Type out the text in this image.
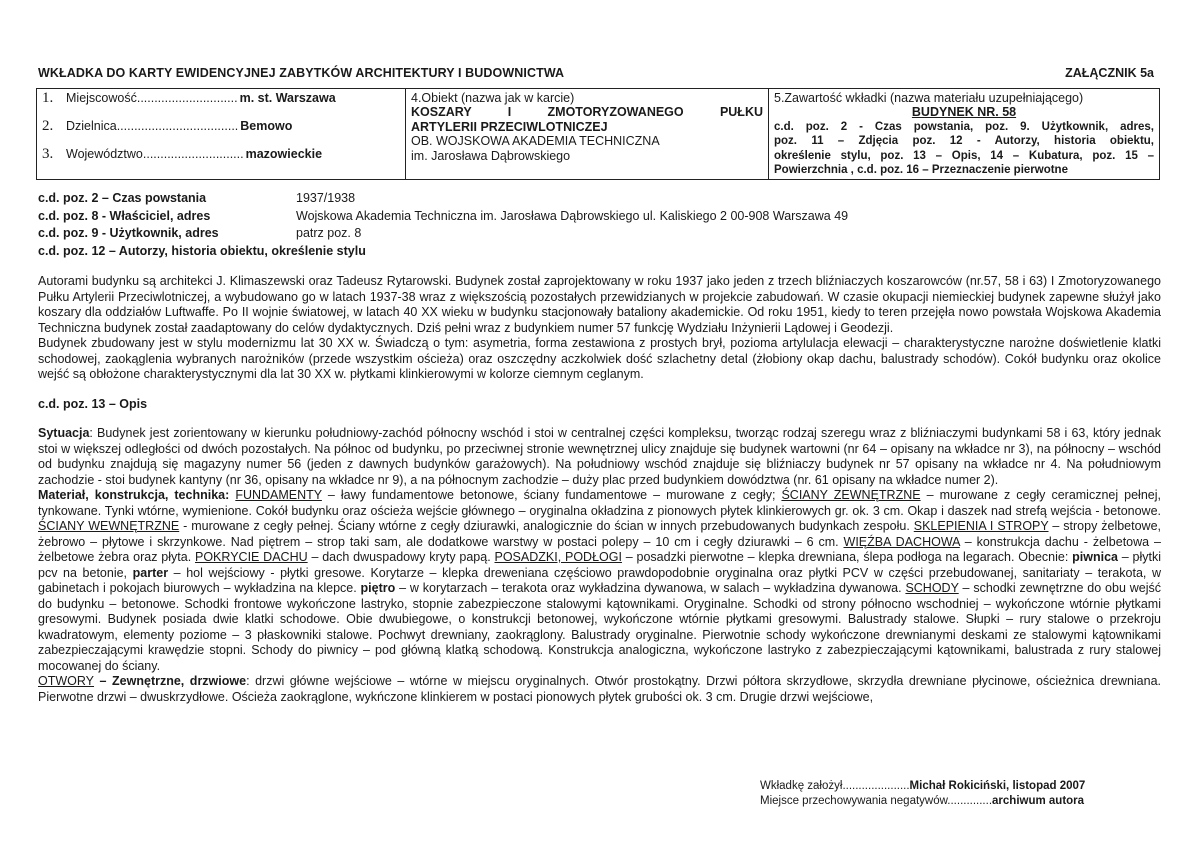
WKŁADKA DO KARTY EWIDENCYJNEJ ZABYTKÓW ARCHITEKTURY I BUDOWNICTWA	ZAŁĄCZNIK 5a
1.	Miejscowość............................. m. st. Warszawa
2.	Dzielnica................................... Bemowo
3.	Województwo............................. mazowieckie

4.Obiekt (nazwa jak w karcie)
KOSZARY I ZMOTORYZOWANEGO PUŁKU
ARTYLERII PRZECIWLOTNICZEJ
OB. WOJSKOWA AKADEMIA TECHNICZNA
im. Jarosława Dąbrowskiego

5.Zawartość wkładki (nazwa materiału uzupełniającego)
BUDYNEK NR. 58
c.d. poz. 2 - Czas powstania, poz. 9. Użytkownik, adres,
poz. 11 – Zdjęcia poz. 12 - Autorzy, historia obiektu,
określenie stylu, poz. 13 – Opis, 14 – Kubatura, poz. 15 –
Powierzchnia , c.d. poz. 16 – Przeznaczenie pierwotne
c.d. poz. 2 – Czas powstania	1937/1938
c.d. poz. 8 - Właściciel, adres	Wojskowa Akademia Techniczna im. Jarosława Dąbrowskiego ul. Kaliskiego 2 00-908 Warszawa 49
c.d. poz. 9 - Użytkownik, adres	patrz poz. 8
c.d. poz. 12 – Autorzy, historia obiektu, określenie stylu

Autorami budynku są architekci J. Klimaszewski oraz Tadeusz Rytarowski. Budynek został zaprojektowany w roku 1937 jako jeden z trzech bliźniaczych koszarowców (nr.57, 58 i 63) I Zmotoryzowanego Pułku Artylerii Przeciwlotniczej, a wybudowano go w latach 1937-38 wraz z większością pozostałych przewidzianych w projekcie zabudowań. W czasie okupacji niemieckiej budynek zapewne służył jako koszary dla oddziałów Luftwaffe. Po II wojnie światowej, w latach 40 XX wieku w budynku stacjonowały bataliony akademickie. Od roku 1951, kiedy to teren przejęła nowo powstała Wojskowa Akademia Techniczna budynek został zaadaptowany do celów dydaktycznych. Dziś pełni wraz z budynkiem numer 57 funkcję Wydziału Inżynierii Lądowej i Geodezji.

Budynek zbudowany jest w stylu modernizmu lat 30 XX w. Świadczą o tym: asymetria, forma zestawiona z prostych brył, poziomа artylulacja elewacji – charakterystyczne narożne doświetlenie klatki schodowej, zaokąglenia wybranych narożników (przede wszystkim ościeża) oraz oszczędny aczkolwiek dość szlachetny detal (żłobiony okap dachu, balustrady schodów). Cokół budynku oraz okolice wejść są obłożone charakterystycznymi dla lat 30 XX w. płytkami klinkierowymi w kolorze ciemnym ceglanym.

c.d. poz. 13 – Opis

Sytuacja: Budynek jest zorientowany w kierunku południowy-zachód północny wschód i stoi w centralnej części kompleksu, tworząc rodzaj szeregu wraz z bliźniaczymi budynkami 58 i 63, który jednak stoi w większej odległości od dwóch pozostałych. Na północ od budynku, po przeciwnej stronie wewnętrznej ulicy znajduje się budynek wartowni (nr 64 – opisany na wkładce nr 3), na północny – wschód od budynku znajdują się magazyny numer 56 (jeden z dawnych budynków garażowych). Na południowy wschód znajduje się bliźniaczy budynek nr 57 opisany na wkładce nr 4. Na południowym zachodzie - stoi budynek kantyny (nr 36, opisany na wkładce nr 9), a na północnym zachodzie – duży plac przed budynkiem dowództwa (nr. 61 opisany na wkładce numer 2).

Materiał, konstrukcja, technika: FUNDAMENTY – ławy fundamentowe betonowe, ściany fundamentowe – murowane z cegły; ŚCIANY ZEWNĘTRZNE – murowane z cegły ceramicznej pełnej, tynkowane. Tynki wtórne, wymienione. Cokół budynku oraz ościeża wejście głównego – oryginalna okładzina z pionowych płytek klinkierowych gr. ok. 3 cm. Okap i daszek nad strefą wejścia - betonowe. ŚCIANY WEWNĘTRZNE - murowane z cegły pełnej. Ściany wtórne z cegły dziurawki, analogicznie do ścian w innych przebudowanych budynkach zespołu. SKLEPIENIA I STROPY – stropy żelbetowe, żebrowo – płytowe i skrzynkowe. Nad piętrem – strop taki sam, ale dodatkowe warstwy w postaci polepy – 10 cm i cegły dziurawki – 6 cm. WIĘŹBA DACHOWA – konstrukcja dachu - żelbetowa – żelbetowe żebra oraz płyta. POKRYCIE DACHU – dach dwuspadowy kryty papą. POSADZKI, PODŁOGI – posadzki pierwotne – klepka drewniana, ślepa podłoga na legarach. Obecnie: piwnica – płytki pcv na betonie, parter – hol wejściowy - płytki gresowe. Korytarze – klepka dreweniana częściowo prawdopodobnie oryginalna oraz płytki PCV w części przebudowanej, sanitariaty – terakota, w gabinetach i pokojach biurowych – wykładzina na klepce. piętro – w korytarzach – terakota oraz wykładzina dywanowa, w salach – wykładzina dywanowa. SCHODY – schodki zewnętrzne do obu wejść do budynku – betonowe. Schodki frontowe wykończone lastryko, stopnie zabezpieczone stalowymi kątownikami. Oryginalne. Schodki od strony północno wschodniej – wykończone wtórnie płytkami gresowymi. Budynek posiada dwie klatki schodowe. Obie dwubiegowe, o konstrukcji betonowej, wykończone wtórnie płytkami gresowymi. Balustrady stalowe. Słupki – rury stalowe o przekroju kwadratowym, elementy poziome – 3 płaskowniki stalowe. Pochwyt drewniany, zaokrąglony. Balustrady oryginalne. Pierwotnie schody wykończone drewnianymi deskami ze stalowymi kątownikami zabezpieczającymi krawędzie stopni. Schody do piwnicy – pod główną klatką schodową. Konstrukcja analogiczna, wykończone lastryko z zabezpieczającymi kątownikami, balustrada z rury stalowej mocowanej do ściany.

OTWORY – Zewnętrzne, drzwiowe: drzwi główne wejściowe – wtórne w miejscu oryginalnych. Otwór prostokątny. Drzwi półtora skrzydłowe, skrzydła drewniane płycinowe, ościeżnica drewniana. Pierwotne drzwi – dwuskrzydłowe. Ościeża zaokrąglone, wykńczone klinkierem w postaci pionowych płytek grubości ok. 3 cm. Drugie drzwi wejściowe,

Wkładkę założył.....................Michał Rokiciński, listopad 2007
Miejsce przechowywania negatywów..............archiwum autora
